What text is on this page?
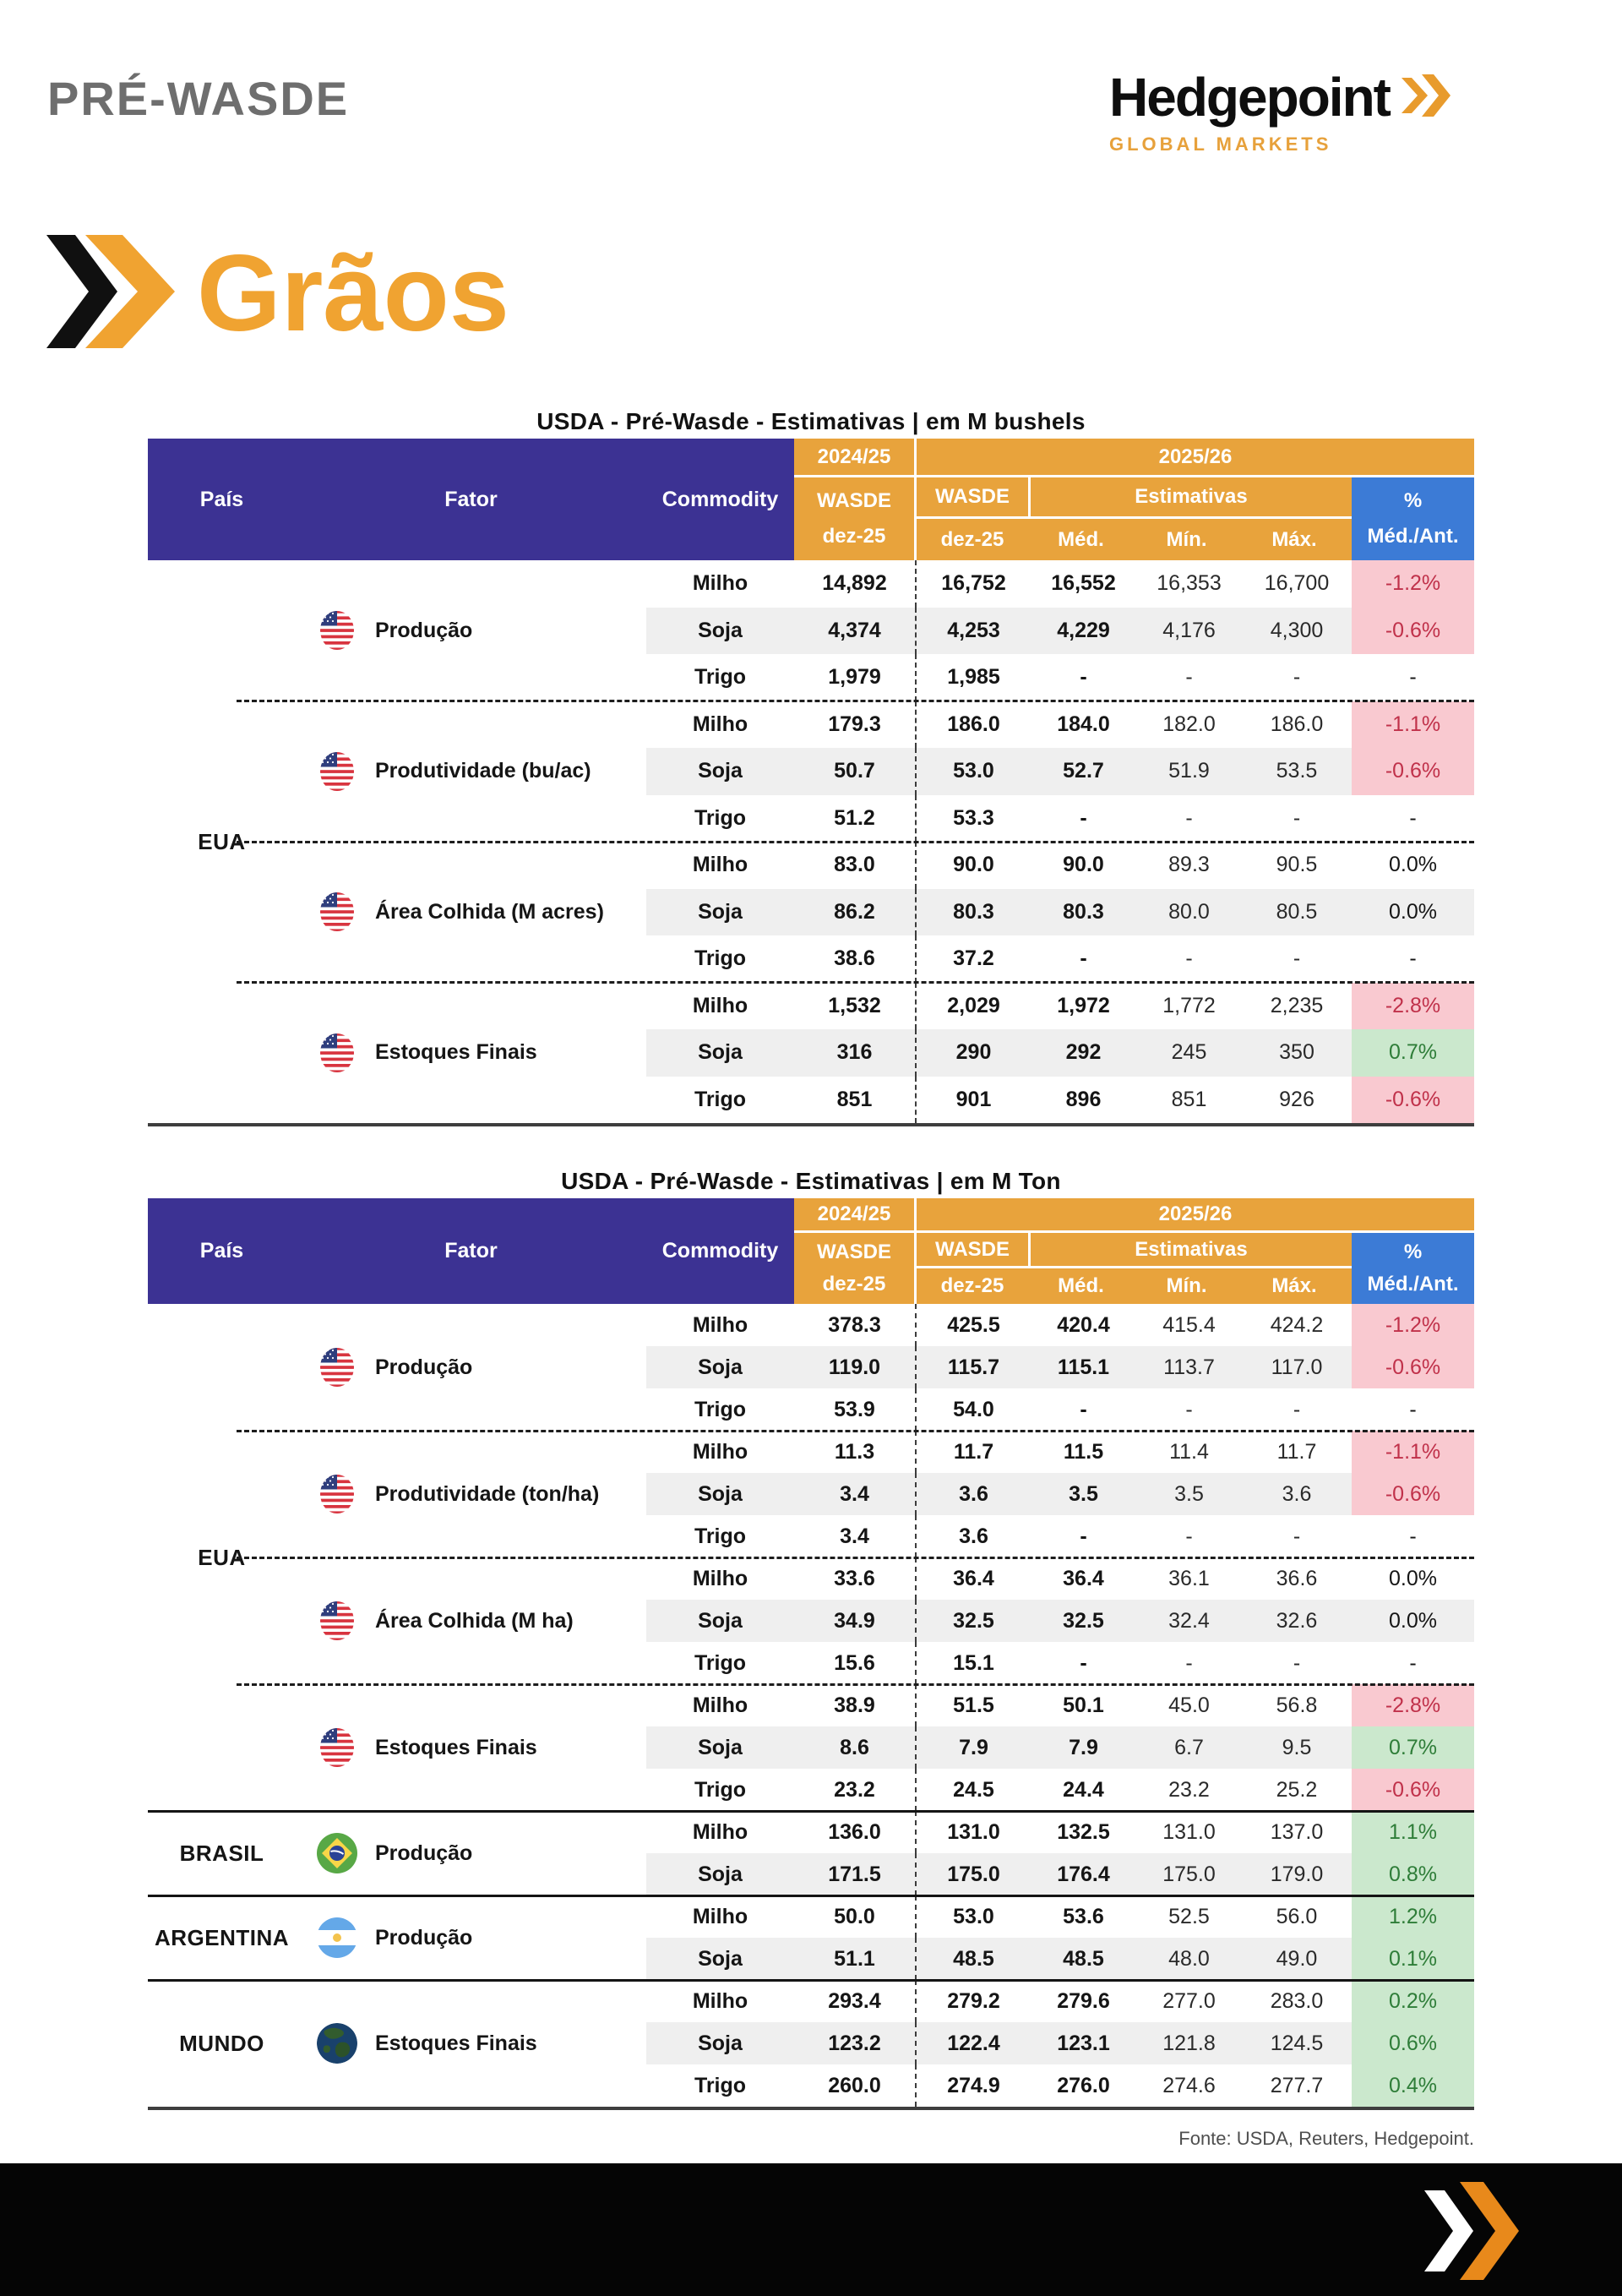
PRÉ-WASDE	Hedgepoint
GLOBAL MARKETS
Grãos
USDA - Pré-Wasde - Estimativas | em M bushels
País	Fator	Commodity
2024/25	2025/26
WASDE
dez-25
WASDE	Estimativas
dez-25	Méd.	Mín.	Máx.
%
Méd./Ant.
EUA
Produção
Milho	14,892	16,752	16,552	16,353	16,700	-1.2%
Soja	4,374	4,253	4,229	4,176	4,300	-0.6%
Trigo	1,979	1,985	-	-	-	-
Produtividade (bu/ac)
Milho	179.3	186.0	184.0	182.0	186.0	-1.1%
Soja	50.7	53.0	52.7	51.9	53.5	-0.6%
Trigo	51.2	53.3	-	-	-	-
Área Colhida (M acres)
Milho	83.0	90.0	90.0	89.3	90.5	0.0%
Soja	86.2	80.3	80.3	80.0	80.5	0.0%
Trigo	38.6	37.2	-	-	-	-
Estoques Finais
Milho	1,532	2,029	1,972	1,772	2,235	-2.8%
Soja	316	290	292	245	350	0.7%
Trigo	851	901	896	851	926	-0.6%
USDA - Pré-Wasde - Estimativas | em M Ton
País	Fator	Commodity
2024/25	2025/26
WASDE
dez-25
WASDE	Estimativas
dez-25	Méd.	Mín.	Máx.
%
Méd./Ant.
EUA
Produção
Milho	378.3	425.5	420.4	415.4	424.2	-1.2%
Soja	119.0	115.7	115.1	113.7	117.0	-0.6%
Trigo	53.9	54.0	-	-	-	-
Produtividade (ton/ha)
Milho	11.3	11.7	11.5	11.4	11.7	-1.1%
Soja	3.4	3.6	3.5	3.5	3.6	-0.6%
Trigo	3.4	3.6	-	-	-	-
Área Colhida (M ha)
Milho	33.6	36.4	36.4	36.1	36.6	0.0%
Soja	34.9	32.5	32.5	32.4	32.6	0.0%
Trigo	15.6	15.1	-	-	-	-
Estoques Finais
Milho	38.9	51.5	50.1	45.0	56.8	-2.8%
Soja	8.6	7.9	7.9	6.7	9.5	0.7%
Trigo	23.2	24.5	24.4	23.2	25.2	-0.6%
BRASIL	Produção
Milho	136.0	131.0	132.5	131.0	137.0	1.1%
Soja	171.5	175.0	176.4	175.0	179.0	0.8%
ARGENTINA	Produção
Milho	50.0	53.0	53.6	52.5	56.0	1.2%
Soja	51.1	48.5	48.5	48.0	49.0	0.1%
MUNDO	Estoques Finais
Milho	293.4	279.2	279.6	277.0	283.0	0.2%
Soja	123.2	122.4	123.1	121.8	124.5	0.6%
Trigo	260.0	274.9	276.0	274.6	277.7	0.4%
Fonte: USDA, Reuters, Hedgepoint.
